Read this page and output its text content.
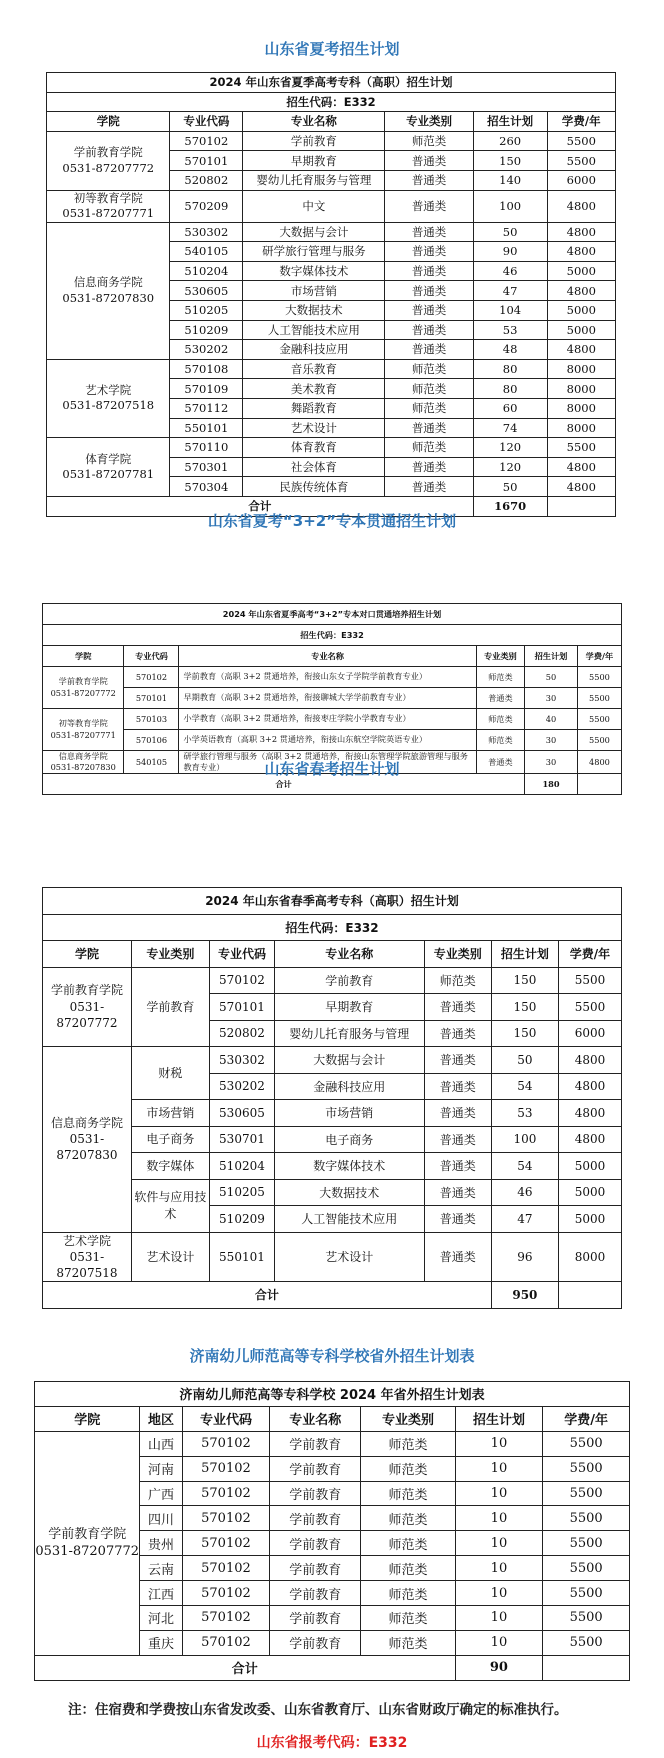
山东省夏考招生计划
2024 年山东省夏季高考专科（高职）招生计划					
招生代码：E332					
学院	专业代码	专业名称	专业类别	招生计划	学费/年

学前教育学院
0531-87207772	570102	学前教育	师范类	260	5500
	570101	早期教育	普通类	150	5500
	520802	婴幼儿托育服务与管理	普通类	140	6000

初等教育学院
0531-87207771	570209	中文	普通类	100	4800

信息商务学院
0531-87207830	530302	大数据与会计	普通类	50	4800
	540105	研学旅行管理与服务	普通类	90	4800
	510204	数字媒体技术	普通类	46	5000
	530605	市场营销	普通类	47	4800
	510205	大数据技术	普通类	104	5000
	510209	人工智能技术应用	普通类	53	5000
	530202	金融科技应用	普通类	48	4800

艺术学院
0531-87207518	570108	音乐教育	师范类	80	8000
	570109	美术教育	师范类	80	8000
	570112	舞蹈教育	师范类	60	8000
	550101	艺术设计	普通类	74	8000

体育学院
0531-87207781	570110	体育教育	师范类	120	5500
	570301	社会体育	普通类	120	4800
	570304	民族传统体育	普通类	50	4800
合计				1670	
山东省夏考“3+2”专本贯通招生计划
2024 年山东省夏季高考“3+2”专本对口贯通培养招生计划					
招生代码：E332					
学院	专业代码	专业名称	专业类别	招生计划	学费/年

学前教育学院
0531-87207772	570102	学前教育（高职 3+2 贯通培养，衔接山东女子学院学前教育专业）	师范类	50	5500
	570101	早期教育（高职 3+2 贯通培养，衔接聊城大学学前教育专业）	普通类	30	5500

初等教育学院
0531-87207771	570103	小学教育（高职 3+2 贯通培养，衔接枣庄学院小学教育专业）	师范类	40	5500
	570106	小学英语教育（高职 3+2 贯通培养，衔接山东航空学院英语专业）	师范类	30	5500

信息商务学院
0531-87207830	540105	研学旅行管理与服务（高职 3+2 贯通培养，衔接山东管理学院旅游管理与服务教育专业）	普通类	30	4800
合计				180	
山东省春考招生计划
2024 年山东省春季高考专科（高职）招生计划						
招生代码：E332						
学院	专业类别	专业代码	专业名称	专业类别	招生计划	学费/年

学前教育学院
0531-87207772	学前教育	570102	学前教育	师范类	150	5500
		570101	早期教育	普通类	150	5500
		520802	婴幼儿托育服务与管理	普通类	150	6000

信息商务学院
0531-87207830	财税	530302	大数据与会计	普通类	50	4800
		530202	金融科技应用	普通类	54	4800
	市场营销	530605	市场营销	普通类	53	4800
	电子商务	530701	电子商务	普通类	100	4800
	数字媒体	510204	数字媒体技术	普通类	54	5000
	软件与应用技术	510205	大数据技术	普通类	46	5000
		510209	人工智能技术应用	普通类	47	5000

艺术学院
0531-87207518	艺术设计	550101	艺术设计	普通类	96	8000
合计					950	
济南幼儿师范高等专科学校省外招生计划表
济南幼儿师范高等专科学校 2024 年省外招生计划表						
学院	地区	专业代码	专业名称	专业类别	招生计划	学费/年

学前教育学院
0531-87207772	山西	570102	学前教育	师范类	10	5500
	河南	570102	学前教育	师范类	10	5500
	广西	570102	学前教育	师范类	10	5500
	四川	570102	学前教育	师范类	10	5500
	贵州	570102	学前教育	师范类	10	5500
	云南	570102	学前教育	师范类	10	5500
	江西	570102	学前教育	师范类	10	5500
	河北	570102	学前教育	师范类	10	5500
	重庆	570102	学前教育	师范类	10	5500
合计					90	
注：住宿费和学费按山东省发改委、山东省教育厅、山东省财政厅确定的标准执行。
山东省报考代码：E332
